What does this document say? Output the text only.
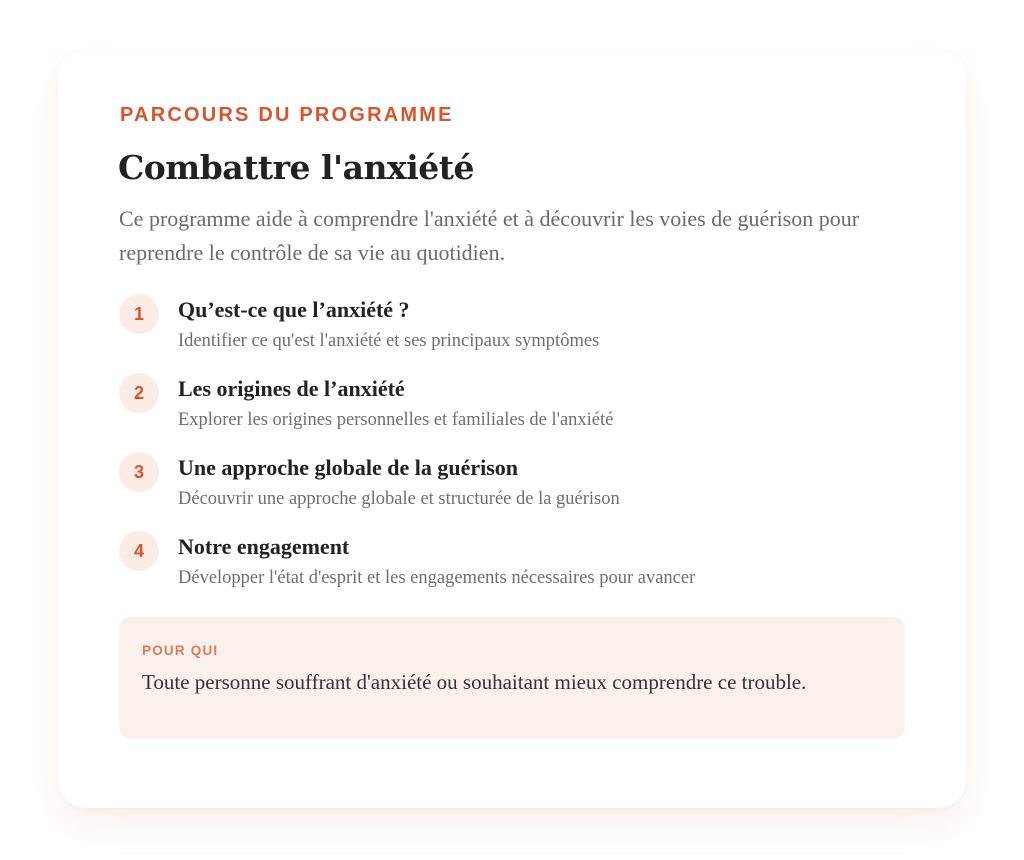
PARCOURS DU PROGRAMME

Combattre l'anxiété

Ce programme aide à comprendre l'anxiété et à découvrir les voies de guérison pour reprendre le contrôle de sa vie au quotidien.

1	Qu’est-ce que l’anxiété ?
Identifier ce qu'est l'anxiété et ses principaux symptômes
2	Les origines de l’anxiété
Explorer les origines personnelles et familiales de l'anxiété
3	Une approche globale de la guérison
Découvrir une approche globale et structurée de la guérison
4	Notre engagement
Développer l'état d'esprit et les engagements nécessaires pour avancer

POUR QUI

Toute personne souffrant d'anxiété ou souhaitant mieux comprendre ce trouble.
